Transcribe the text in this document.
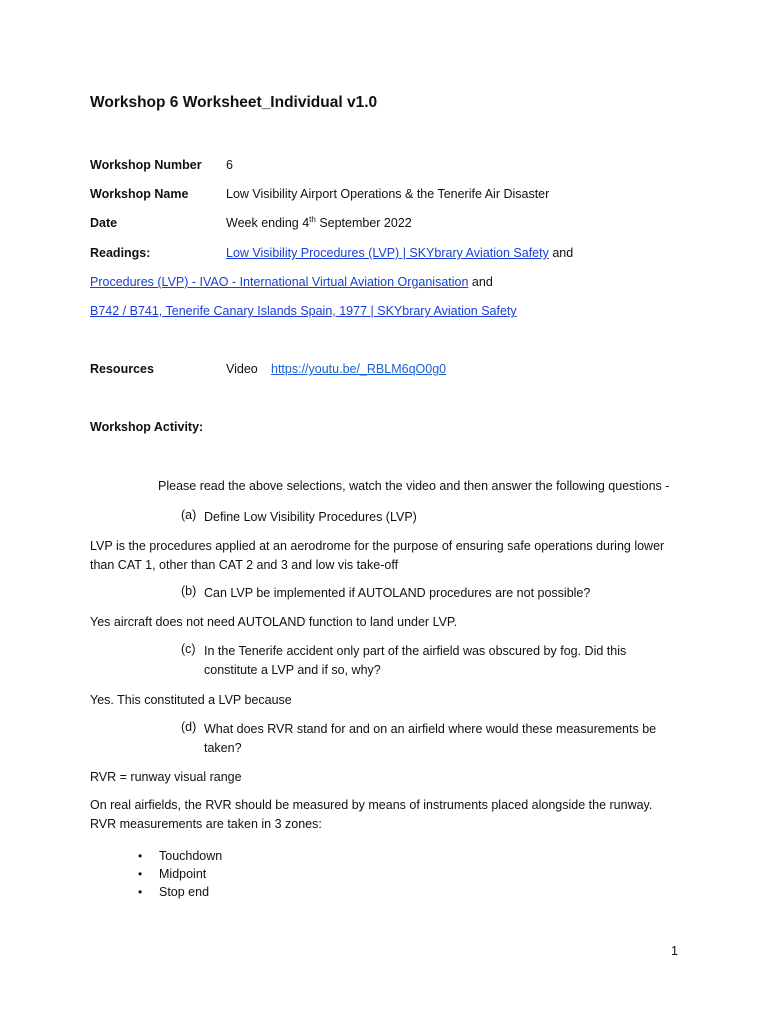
Workshop 6 Worksheet_Individual v1.0
Workshop Number 6
Workshop Name	Low Visibility Airport Operations & the Tenerife Air Disaster
Date	Week ending 4th September 2022
Readings:	Low Visibility Procedures (LVP) | SKYbrary Aviation Safety and
Procedures (LVP) - IVAO - International Virtual Aviation Organisation and
B742 / B741, Tenerife Canary Islands Spain, 1977 | SKYbrary Aviation Safety
Resources	Video https://youtu.be/_RBLM6qO0g0
Workshop Activity:
Please read the above selections, watch the video and then answer the following questions -
(a) Define Low Visibility Procedures (LVP)
LVP is the procedures applied at an aerodrome for the purpose of ensuring safe operations during lower than CAT 1, other than CAT 2 and 3 and low vis take-off
(b) Can LVP be implemented if AUTOLAND procedures are not possible?
Yes aircraft does not need AUTOLAND function to land under LVP.
(c) In the Tenerife accident only part of the airfield was obscured by fog. Did this constitute a LVP and if so, why?
Yes. This constituted a LVP because
(d) What does RVR stand for and on an airfield where would these measurements be taken?
RVR = runway visual range
On real airfields, the RVR should be measured by means of instruments placed alongside the runway. RVR measurements are taken in 3 zones:
• Touchdown
• Midpoint
• Stop end
1
